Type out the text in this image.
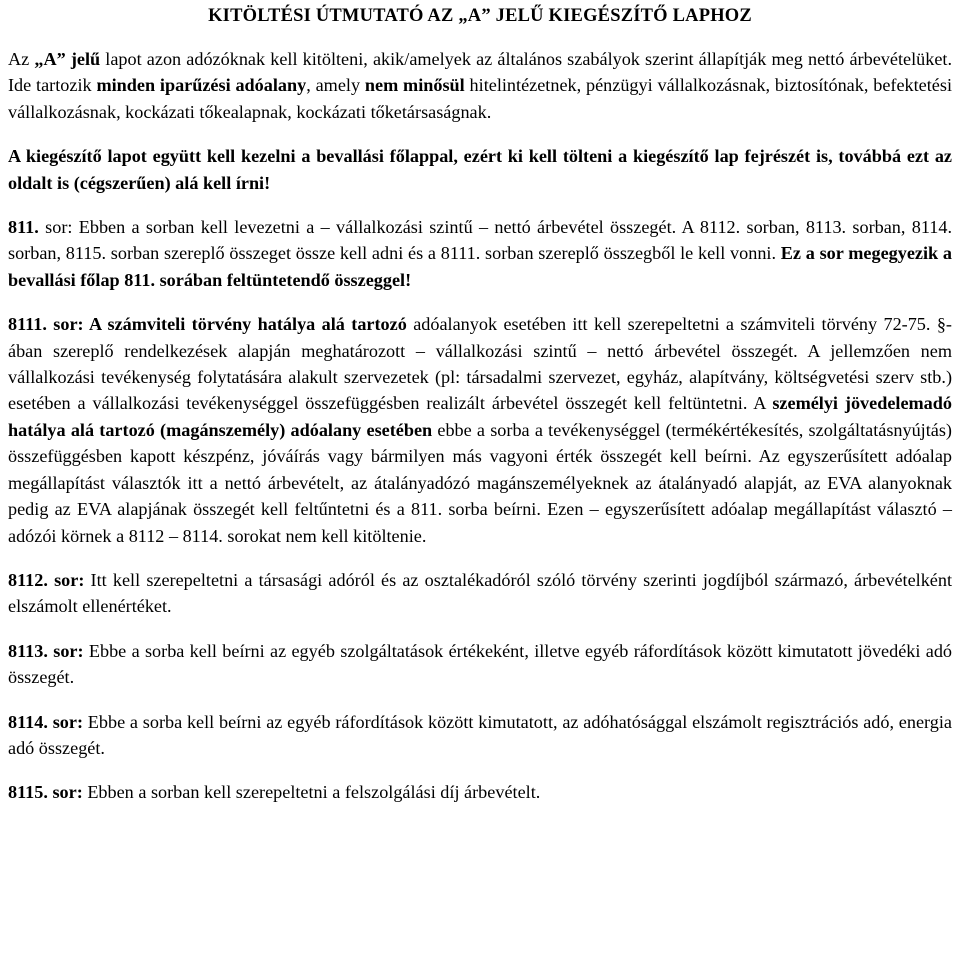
KITÖLTÉSI ÚTMUTATÓ AZ „A” JELŰ KIEGÉSZÍTŐ LAPHOZ

Az „A” jelű lapot azon adózóknak kell kitölteni, akik/amelyek az általános szabályok szerint állapítják meg nettó árbevételüket. Ide tartozik minden iparűzési adóalany, amely nem minősül hitelintézetnek, pénzügyi vállalkozásnak, biztosítónak, befektetési vállalkozásnak, kockázati tőkealapnak, kockázati tőketársaságnak.

A kiegészítő lapot együtt kell kezelni a bevallási főlappal, ezért ki kell tölteni a kiegészítő lap fejrészét is, továbbá ezt az oldalt is (cégszerűen) alá kell írni!

811. sor: Ebben a sorban kell levezetni a – vállalkozási szintű – nettó árbevétel összegét. A 8112. sorban, 8113. sorban, 8114. sorban, 8115. sorban szereplő összeget össze kell adni és a 8111. sorban szereplő összegből le kell vonni. Ez a sor megegyezik a bevallási főlap 811. sorában feltüntetendő összeggel!

8111. sor: A számviteli törvény hatálya alá tartozó adóalanyok esetében itt kell szerepeltetni a számviteli törvény 72-75. §-ában szereplő rendelkezések alapján meghatározott – vállalkozási szintű – nettó árbevétel összegét. A jellemzően nem vállalkozási tevékenység folytatására alakult szervezetek (pl: társadalmi szervezet, egyház, alapítvány, költségvetési szerv stb.) esetében a vállalkozási tevékenységgel összefüggésben realizált árbevétel összegét kell feltüntetni. A személyi jövedelemadó hatálya alá tartozó (magánszemély) adóalany esetében ebbe a sorba a tevékenységgel (termékértékesítés, szolgáltatásnyújtás) összefüggésben kapott készpénz, jóváírás vagy bármilyen más vagyoni érték összegét kell beírni. Az egyszerűsített adóalap megállapítást választók itt a nettó árbevételt, az átalányadózó magánszemélyeknek az átalányadó alapját, az EVA alanyoknak pedig az EVA alapjának összegét kell feltűntetni és a 811. sorba beírni. Ezen – egyszerűsített adóalap megállapítást választó – adózói körnek a 8112 – 8114. sorokat nem kell kitöltenie.

8112. sor: Itt kell szerepeltetni a társasági adóról és az osztalékadóról szóló törvény szerinti jogdíjból származó, árbevételként elszámolt ellenértéket.

8113. sor: Ebbe a sorba kell beírni az egyéb szolgáltatások értékeként, illetve egyéb ráfordítások között kimutatott jövedéki adó összegét.

8114. sor: Ebbe a sorba kell beírni az egyéb ráfordítások között kimutatott, az adóhatósággal elszámolt regisztrációs adó, energia adó összegét.

8115. sor: Ebben a sorban kell szerepeltetni a felszolgálási díj árbevételt.
